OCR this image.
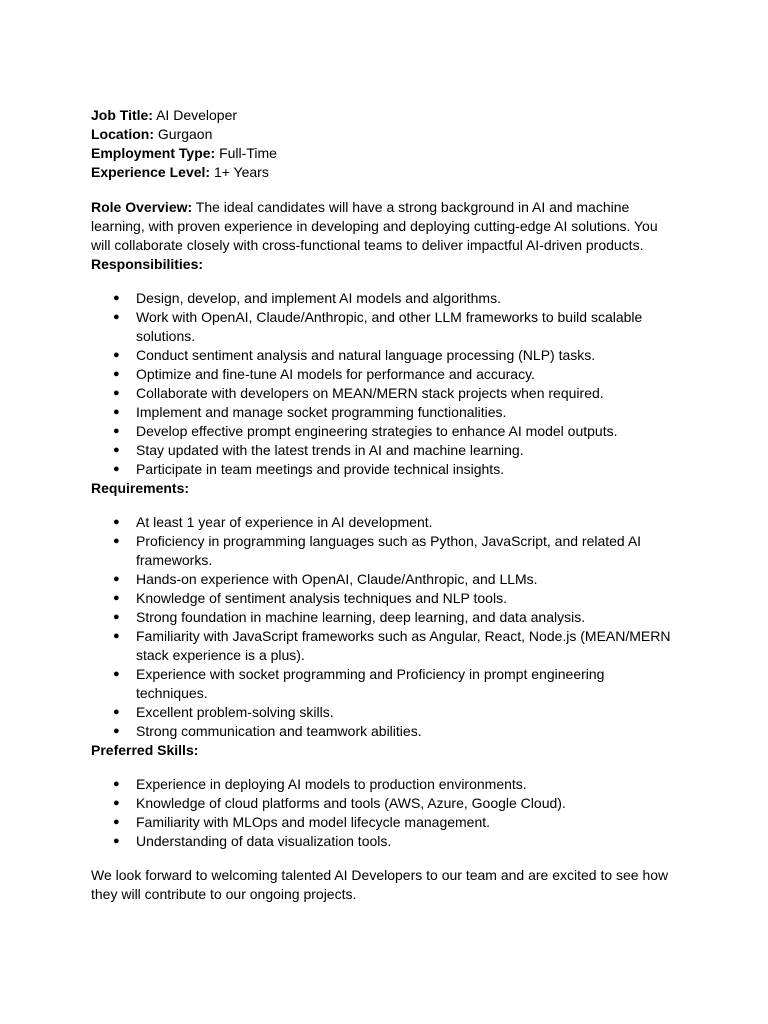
Job Title: AI Developer

Location: Gurgaon

Employment Type: Full-Time

Experience Level: 1+ Years

Role Overview: The ideal candidates will have a strong background in AI and machine learning, with proven experience in developing and deploying cutting-edge AI solutions. You will collaborate closely with cross-functional teams to deliver impactful AI-driven products.

Responsibilities:

● Design, develop, and implement AI models and algorithms.
● Work with OpenAI, Claude/Anthropic, and other LLM frameworks to build scalable solutions.
● Conduct sentiment analysis and natural language processing (NLP) tasks.
● Optimize and fine-tune AI models for performance and accuracy.
● Collaborate with developers on MEAN/MERN stack projects when required.
● Implement and manage socket programming functionalities.
● Develop effective prompt engineering strategies to enhance AI model outputs.
● Stay updated with the latest trends in AI and machine learning.
● Participate in team meetings and provide technical insights.

Requirements:

● At least 1 year of experience in AI development.
● Proficiency in programming languages such as Python, JavaScript, and related AI frameworks.
● Hands-on experience with OpenAI, Claude/Anthropic, and LLMs.
● Knowledge of sentiment analysis techniques and NLP tools.
● Strong foundation in machine learning, deep learning, and data analysis.
● Familiarity with JavaScript frameworks such as Angular, React, Node.js (MEAN/MERN stack experience is a plus).
● Experience with socket programming and Proficiency in prompt engineering techniques.
● Excellent problem-solving skills.
● Strong communication and teamwork abilities.

Preferred Skills:

● Experience in deploying AI models to production environments.
● Knowledge of cloud platforms and tools (AWS, Azure, Google Cloud).
● Familiarity with MLOps and model lifecycle management.
● Understanding of data visualization tools.

We look forward to welcoming talented AI Developers to our team and are excited to see how they will contribute to our ongoing projects.
